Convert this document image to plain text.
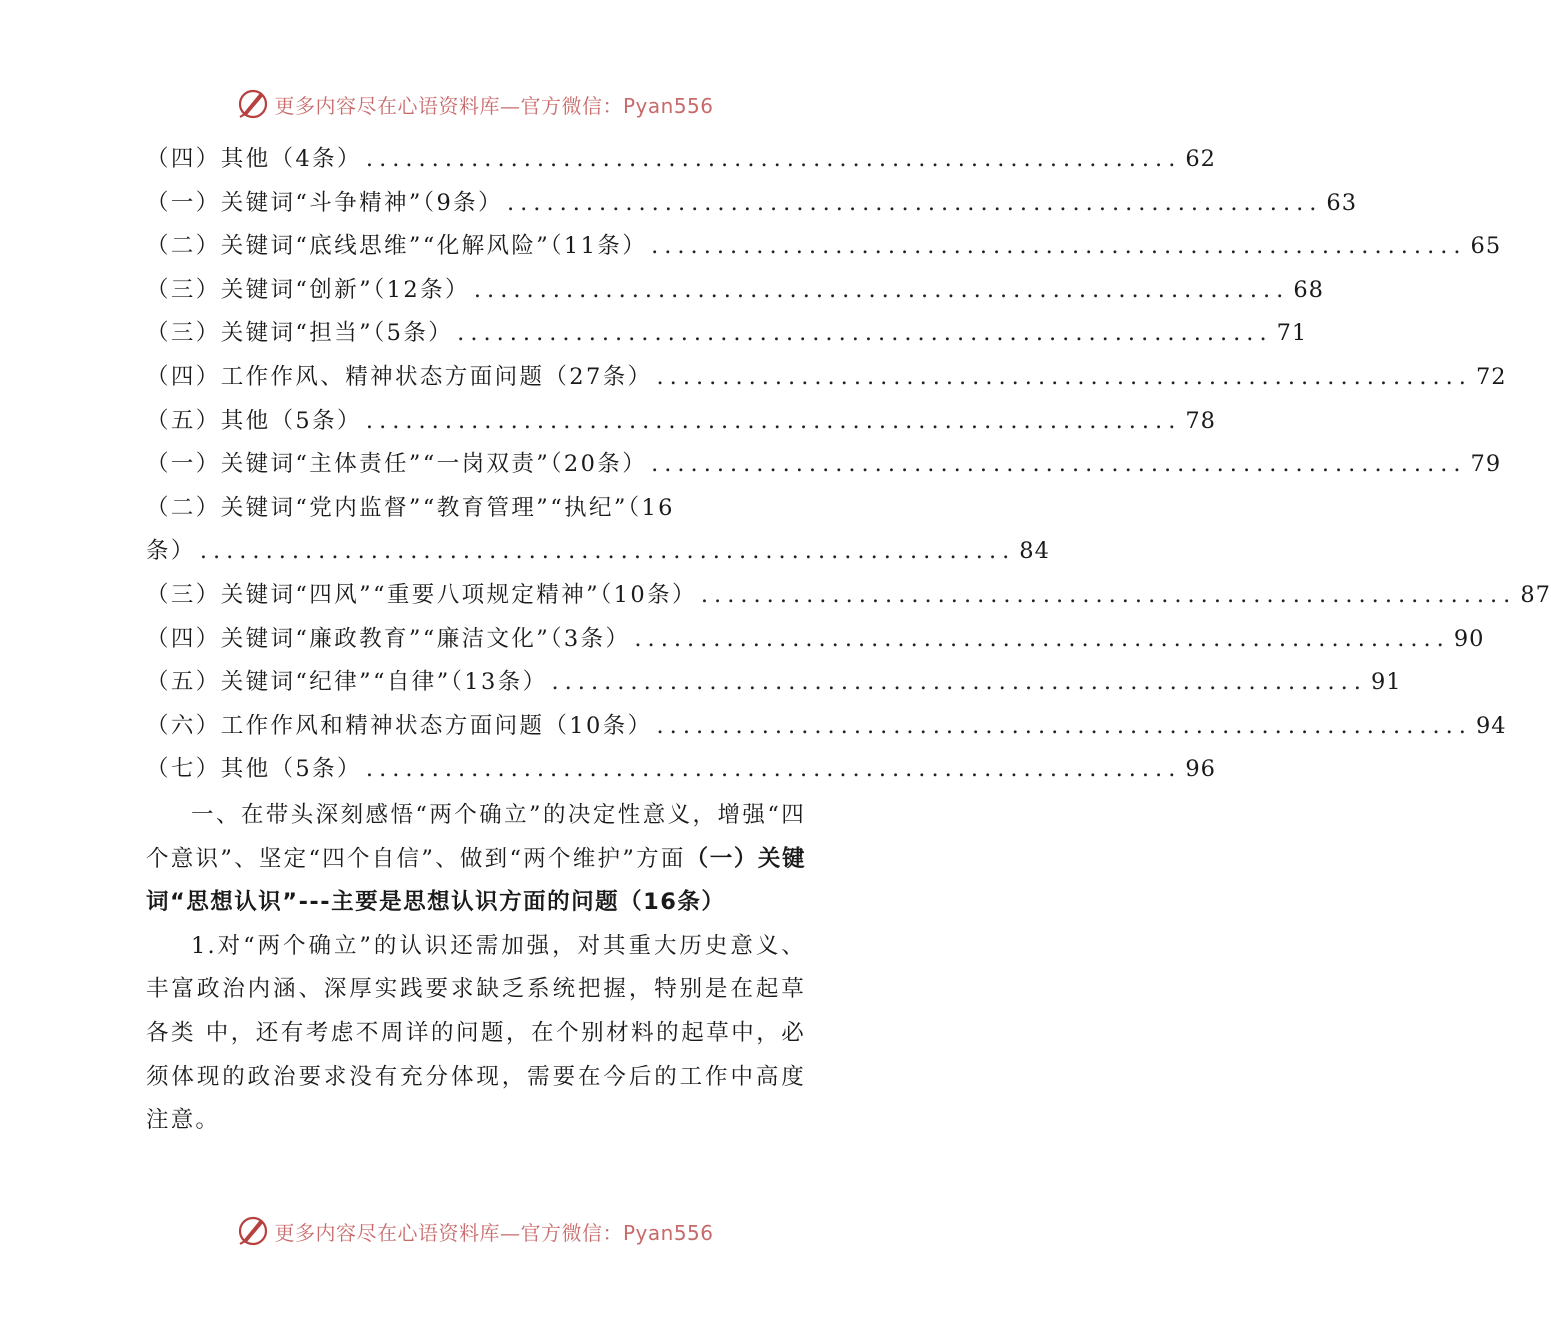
更多内容尽在心语资料库—官方微信：Pyan556
（四）其他（4条） .............................................................. 62
（一）关键词“斗争精神”（9条） .............................................................. 63
（二）关键词“底线思维”“化解风险”（11条） .............................................................. 65
（三）关键词“创新”（12条） .............................................................. 68
（三）关键词“担当”（5条） .............................................................. 71
（四）工作作风、精神状态方面问题（27条） .............................................................. 72
（五）其他（5条） .............................................................. 78
（一）关键词“主体责任”“一岗双责”（20条） .............................................................. 79
（二）关键词“党内监督”“教育管理”“执纪”（16
条） .............................................................. 84
（三）关键词“四风”“重要八项规定精神”（10条） .............................................................. 87
（四）关键词“廉政教育”“廉洁文化”（3条） .............................................................. 90
（五）关键词“纪律”“自律”（13条） .............................................................. 91
（六）工作作风和精神状态方面问题（10条） .............................................................. 94
（七）其他（5条） .............................................................. 96

一、在带头深刻感悟“两个确立”的决定性意义，增强“四个意识”、坚定“四个自信”、做到“两个维护”方面（一）关键词“思想认识”---主要是思想认识方面的问题（16条）

1.对“两个确立”的认识还需加强，对其重大历史意义、丰富政治内涵、深厚实践要求缺乏系统把握，特别是在起草各类 中，还有考虑不周详的问题，在个别材料的起草中，必须体现的政治要求没有充分体现，需要在今后的工作中高度注意。

更多内容尽在心语资料库—官方微信：Pyan556
